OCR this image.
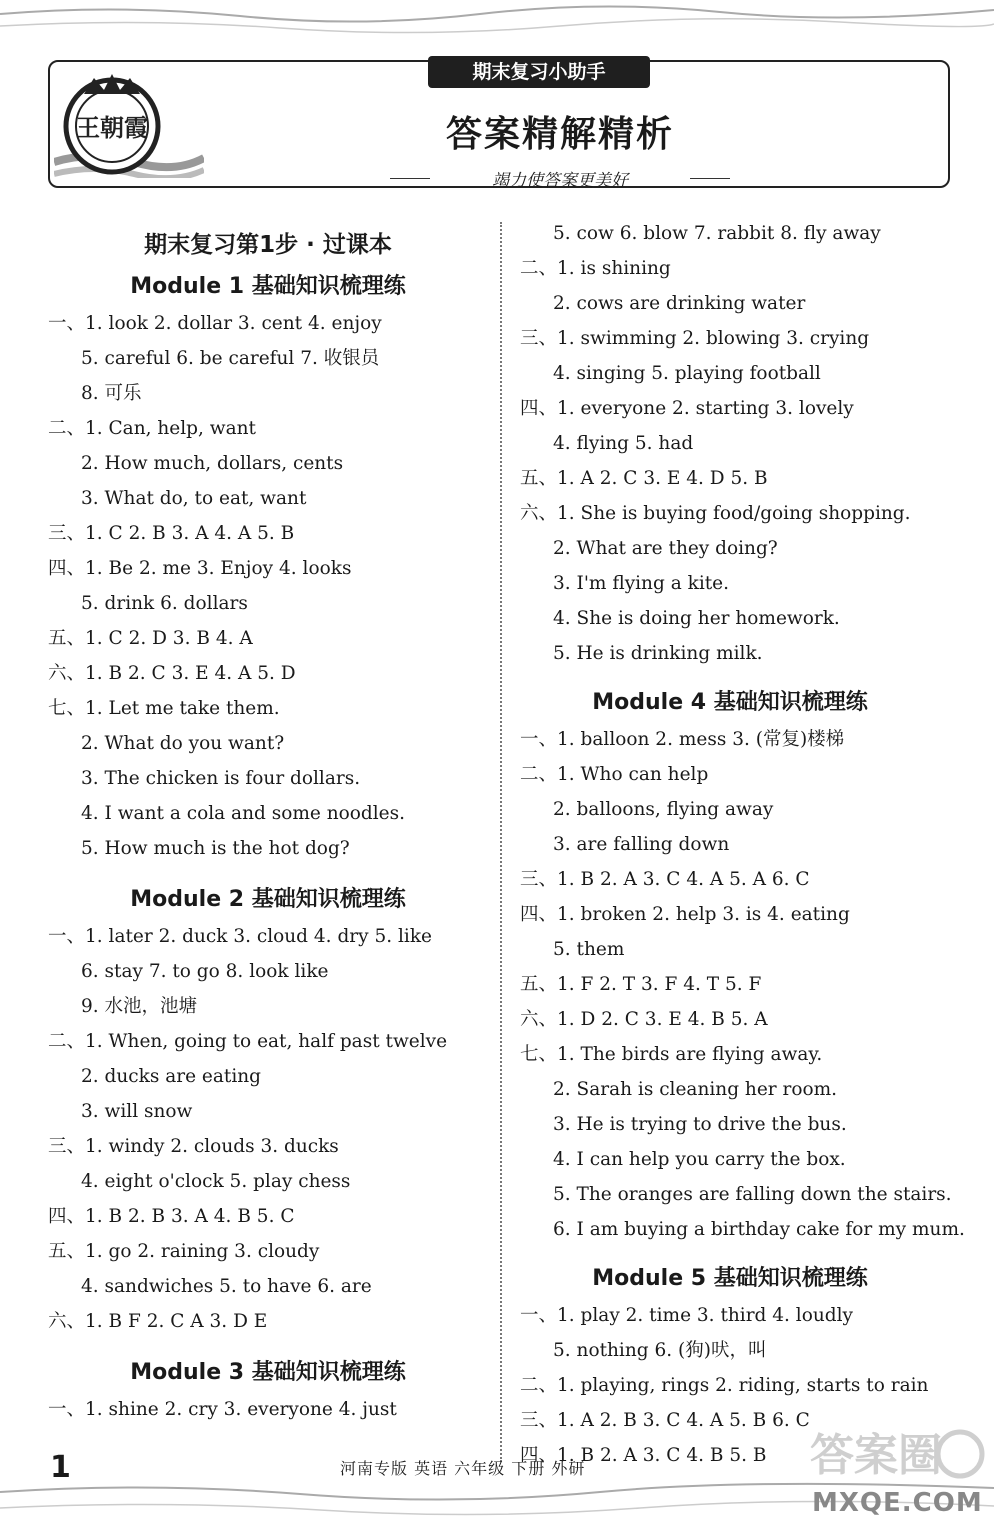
王朝霞
期末复习小助手
答案精解精析
竭力使答案更美好
期末复习第1步 · 过课本
Module 1 基础知识梳理练
一、1. look 2. dollar 3. cent 4. enjoy
5. careful 6. be careful 7. 收银员
8. 可乐
二、1. Can, help, want
2. How much, dollars, cents
3. What do, to eat, want
三、1. C 2. B 3. A 4. A 5. B
四、1. Be 2. me 3. Enjoy 4. looks
5. drink 6. dollars
五、1. C 2. D 3. B 4. A
六、1. B 2. C 3. E 4. A 5. D
七、1. Let me take them.
2. What do you want?
3. The chicken is four dollars.
4. I want a cola and some noodles.
5. How much is the hot dog?
Module 2 基础知识梳理练
一、1. later 2. duck 3. cloud 4. dry 5. like
6. stay 7. to go 8. look like
9. 水池，池塘
二、1. When, going to eat, half past twelve
2. ducks are eating
3. will snow
三、1. windy 2. clouds 3. ducks
4. eight o'clock 5. play chess
四、1. B 2. B 3. A 4. B 5. C
五、1. go 2. raining 3. cloudy
4. sandwiches 5. to have 6. are
六、1. B F 2. C A 3. D E
Module 3 基础知识梳理练
一、1. shine 2. cry 3. everyone 4. just
5. cow 6. blow 7. rabbit 8. fly away
二、1. is shining
2. cows are drinking water
三、1. swimming 2. blowing 3. crying
4. singing 5. playing football
四、1. everyone 2. starting 3. lovely
4. flying 5. had
五、1. A 2. C 3. E 4. D 5. B
六、1. She is buying food/going shopping.
2. What are they doing?
3. I'm flying a kite.
4. She is doing her homework.
5. He is drinking milk.
Module 4 基础知识梳理练
一、1. balloon 2. mess 3. (常复)楼梯
二、1. Who can help
2. balloons, flying away
3. are falling down
三、1. B 2. A 3. C 4. A 5. A 6. C
四、1. broken 2. help 3. is 4. eating
5. them
五、1. F 2. T 3. F 4. T 5. F
六、1. D 2. C 3. E 4. B 5. A
七、1. The birds are flying away.
2. Sarah is cleaning her room.
3. He is trying to drive the bus.
4. I can help you carry the box.
5. The oranges are falling down the stairs.
6. I am buying a birthday cake for my mum.
Module 5 基础知识梳理练
一、1. play 2. time 3. third 4. loudly
5. nothing 6. (狗)吠，叫
二、1. playing, rings 2. riding, starts to rain
三、1. A 2. B 3. C 4. A 5. B 6. C
四、1. B 2. A 3. C 4. B 5. B
1	河南专版 英语 六年级 下册 外研	答案圈
MXQE.COM
